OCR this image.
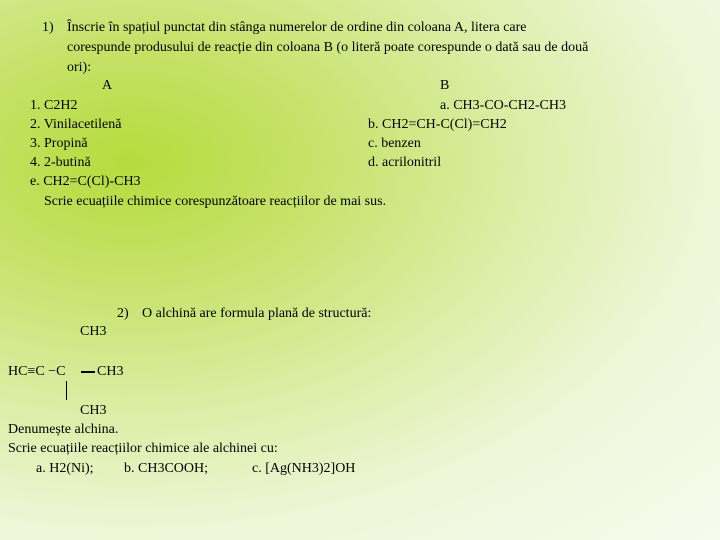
1) Înscrie în spațiul punctat din stânga numerelor de ordine din coloana A, litera care
corespunde produsului de reacție din coloana B (o literă poate corespunde o dată sau de două
ori):
A	B
1. C2H2
2. Vinilacetilenă
3. Propină
4. 2-butină
e. CH2=C(Cl)-CH3
a. CH3-CO-CH2-CH3
b. CH2=CH-C(Cl)=CH2
c. benzen
d. acrilonitril
Scrie ecuațiile chimice corespunzătoare reacțiilor de mai sus.
2) O alchină are formula plană de structură:
CH3
HC≡C −C CH3
CH3
Denumește alchina.
Scrie ecuațiile reacțiilor chimice ale alchinei cu:
a. H2(Ni); b. CH3COOH;	c. [Ag(NH3)2]OH
